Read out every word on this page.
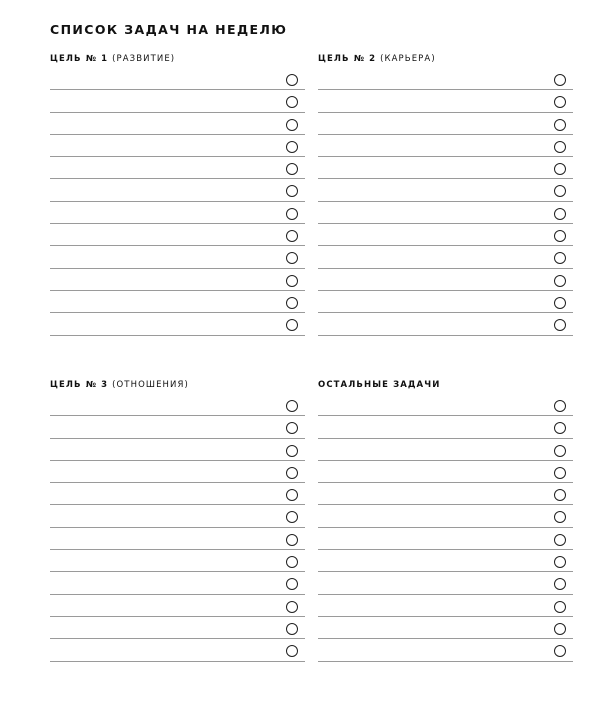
СПИСОК ЗАДАЧ НА НЕДЕЛЮ
ЦЕЛЬ № 1 (РАЗВИТИЕ)	ЦЕЛЬ № 2 (КАРЬЕРА)
ЦЕЛЬ № 3 (ОТНОШЕНИЯ)	ОСТАЛЬНЫЕ ЗАДАЧИ
